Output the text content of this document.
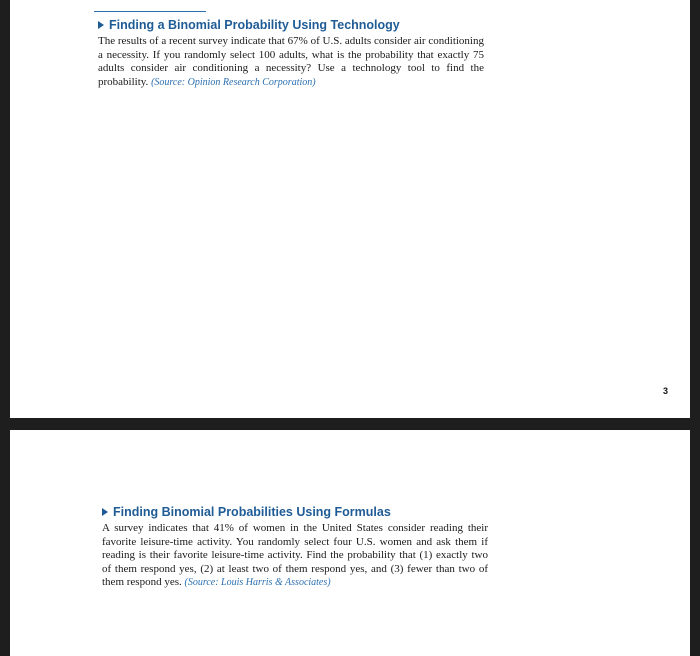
Finding a Binomial Probability Using Technology

The results of a recent survey indicate that 67% of U.S. adults consider air conditioning a necessity. If you randomly select 100 adults, what is the probability that exactly 75 adults consider air conditioning a necessity? Use a technology tool to find the probability. (Source: Opinion Research Corporation)

3
Finding Binomial Probabilities Using Formulas

A survey indicates that 41% of women in the United States consider reading their favorite leisure-time activity. You randomly select four U.S. women and ask them if reading is their favorite leisure-time activity. Find the probability that (1) exactly two of them respond yes, (2) at least two of them respond yes, and (3) fewer than two of them respond yes. (Source: Louis Harris & Associates)
